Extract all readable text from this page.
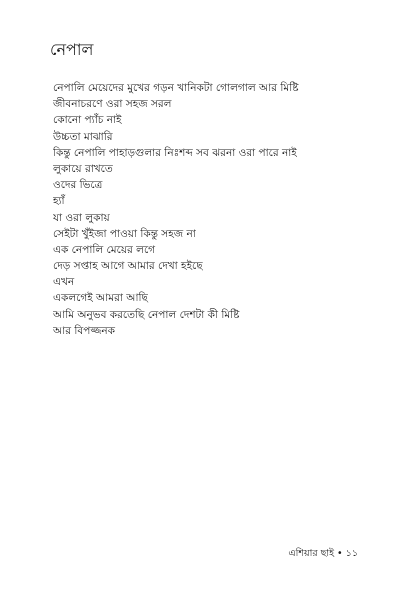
নেপাল
নেপালি মেয়েদের মুখের গড়ন খানিকটা গোলগাল আর মিষ্টি
জীবনাচরণে ওরা সহজ সরল
কোনো প্যাঁচ নাই
উচ্চতা মাঝারি
কিন্তু নেপালি পাহাড়গুলার নিঃশব্দ সব ঝরনা ওরা পারে নাই
লুকায়ে রাখতে
ওদের ভিত্রে
হ্যাঁ
যা ওরা লুকায়
সেইটা খুঁইজা পাওয়া কিন্তু সহজ না
এক নেপালি মেয়ের লগে
দেড় সপ্তাহ আগে আমার দেখা হইছে
এখন
একলগেই আমরা আছি
আমি অনুভব করতেছি নেপাল দেশটা কী মিষ্টি
আর বিপজ্জনক
এশিয়ার ছাই • ১১
